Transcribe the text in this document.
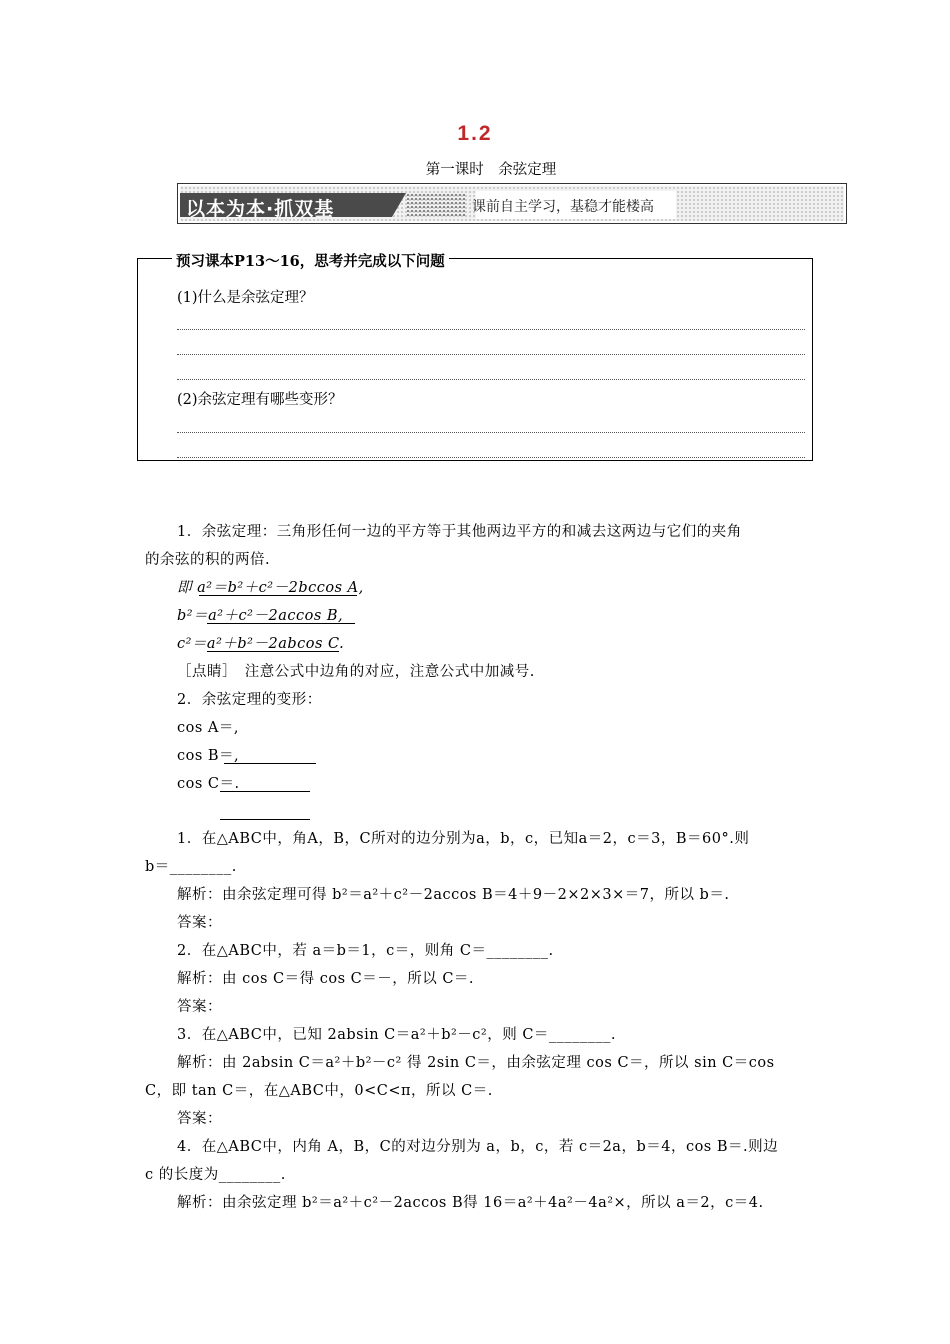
1.2
第一课时　余弦定理
以本为本·抓双基	课前自主学习，基稳才能楼高
预习课本P13～16，思考并完成以下问题
(1)什么是余弦定理？
(2)余弦定理有哪些变形？
1．余弦定理：三角形任何一边的平方等于其他两边平方的和减去这两边与它们的夹角
的余弦的积的两倍.
即 a²＝b²＋c²－2bccos A,
b²＝a²＋c²－2accos B,
c²＝a²＋b²－2abcos C.
［点睛］　注意公式中边角的对应，注意公式中加减号.
2．余弦定理的变形：
cos A＝,
cos B＝,
cos C＝.
1．在△ABC中，角A，B，C所对的边分别为a，b，c，已知a＝2，c＝3，B＝60°.则
b＝________.
解析：由余弦定理可得 b²＝a²＋c²－2accos B＝4＋9－2×2×3×＝7，所以 b＝.
答案：
2．在△ABC中，若 a＝b＝1，c＝，则角 C＝________.
解析：由 cos C＝得 cos C＝－，所以 C＝.
答案：
3．在△ABC中，已知 2absin C＝a²＋b²－c²，则 C＝________.
解析：由 2absin C＝a²＋b²－c² 得 2sin C＝，由余弦定理 cos C＝，所以 sin C＝cos
C，即 tan C＝，在△ABC中，0<C<π，所以 C＝.
答案：
4．在△ABC中，内角 A，B，C的对边分别为 a，b，c，若 c＝2a，b＝4，cos B＝.则边
c 的长度为________.
解析：由余弦定理 b²＝a²＋c²－2accos B得 16＝a²＋4a²－4a²×，所以 a＝2，c＝4.
